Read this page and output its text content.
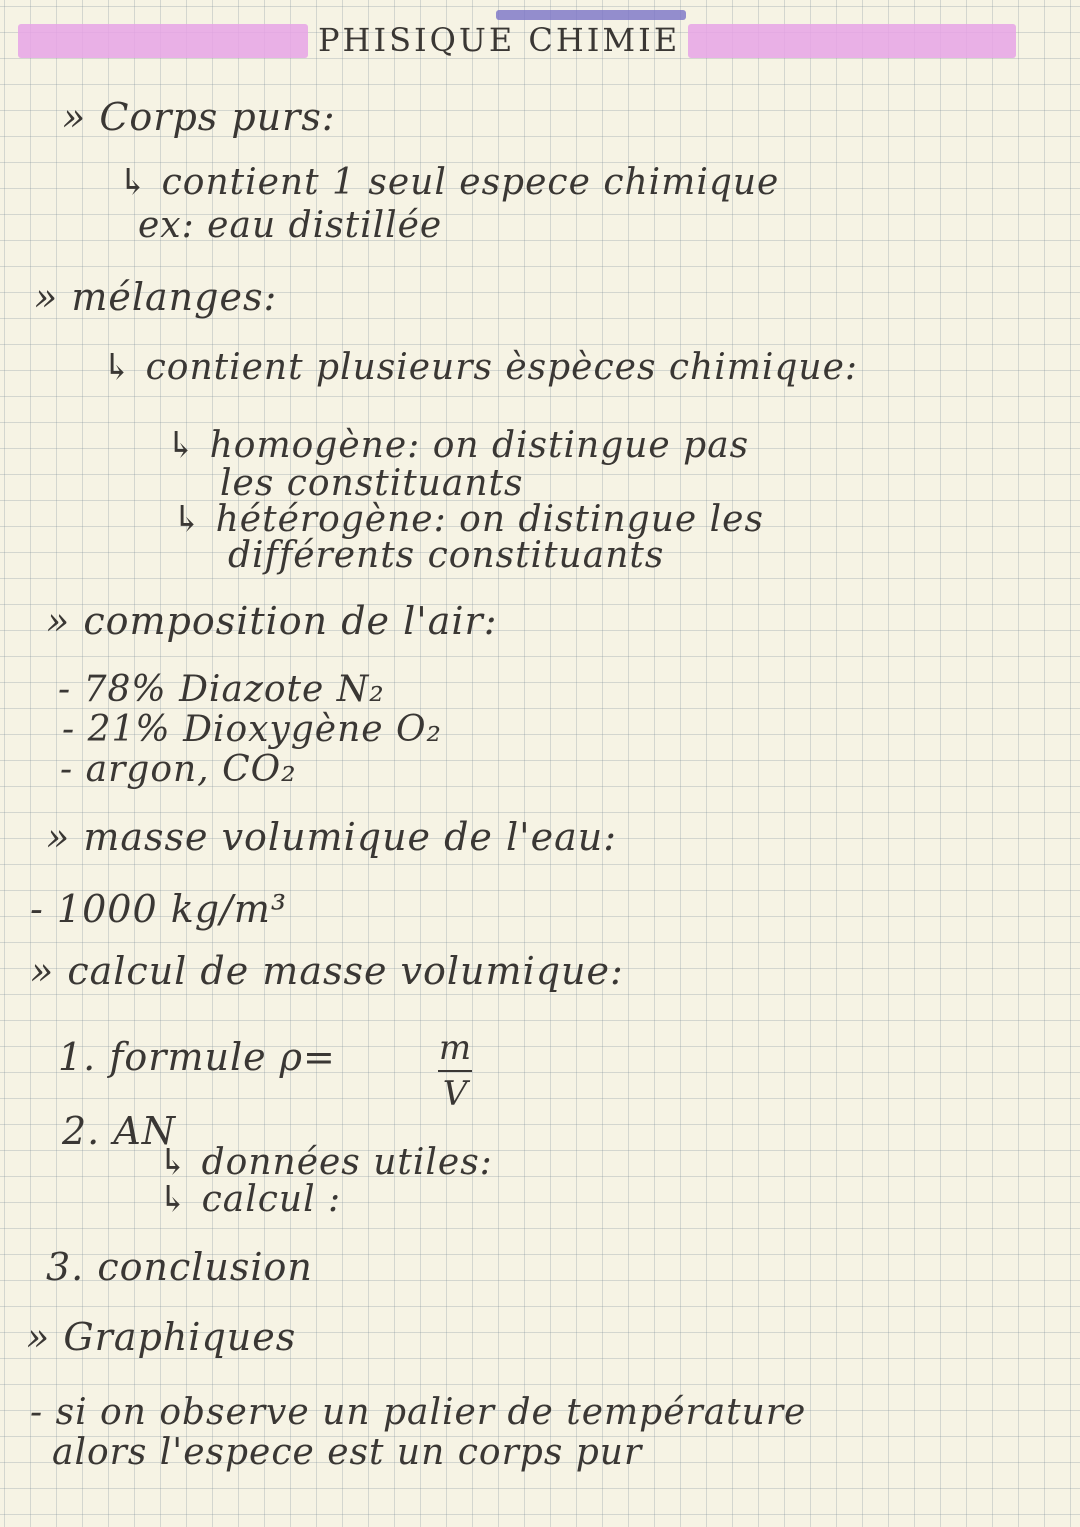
PHISIQUE CHIMIE
» Corps purs:
↳ contient 1 seul espece chimique
ex: eau distillée
» mélanges:
↳ contient plusieurs èspèces chimique:
↳ homogène: on distingue pas
les constituants
↳ hétérogène: on distingue les
différents constituants
» composition de l'air:
- 78% Diazote N₂
- 21% Dioxygène O₂
- argon, CO₂
» masse volumique de l'eau:
- 1000 kg/m³
» calcul de masse volumique:
1. formule ρ=	m
V
2. AN
↳ données utiles:
↳ calcul :
3. conclusion
» Graphiques
- si on observe un palier de température
alors l'espece est un corps pur
